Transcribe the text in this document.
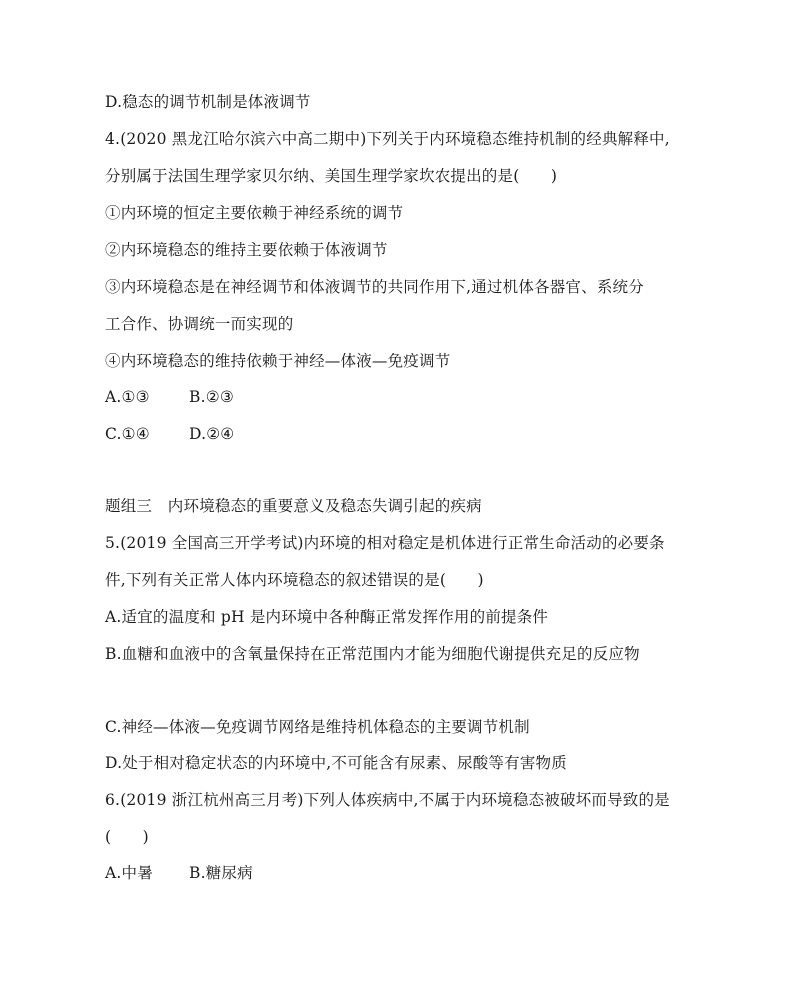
D.稳态的调节机制是体液调节
4.(2020 黑龙江哈尔滨六中高二期中)下列关于内环境稳态维持机制的经典解释中,
分别属于法国生理学家贝尔纳、美国生理学家坎农提出的是(　　)
①内环境的恒定主要依赖于神经系统的调节
②内环境稳态的维持主要依赖于体液调节
③内环境稳态是在神经调节和体液调节的共同作用下,通过机体各器官、系统分
工合作、协调统一而实现的
④内环境稳态的维持依赖于神经—体液—免疫调节
A.①③	B.②③
C.①④	D.②④
题组三　内环境稳态的重要意义及稳态失调引起的疾病
5.(2019 全国高三开学考试)内环境的相对稳定是机体进行正常生命活动的必要条
件,下列有关正常人体内环境稳态的叙述错误的是(　　)
A.适宜的温度和 pH 是内环境中各种酶正常发挥作用的前提条件
B.血糖和血液中的含氧量保持在正常范围内才能为细胞代谢提供充足的反应物
C.神经—体液—免疫调节网络是维持机体稳态的主要调节机制
D.处于相对稳定状态的内环境中,不可能含有尿素、尿酸等有害物质
6.(2019 浙江杭州高三月考)下列人体疾病中,不属于内环境稳态被破坏而导致的是
(　　)
A.中暑 B.糖尿病
